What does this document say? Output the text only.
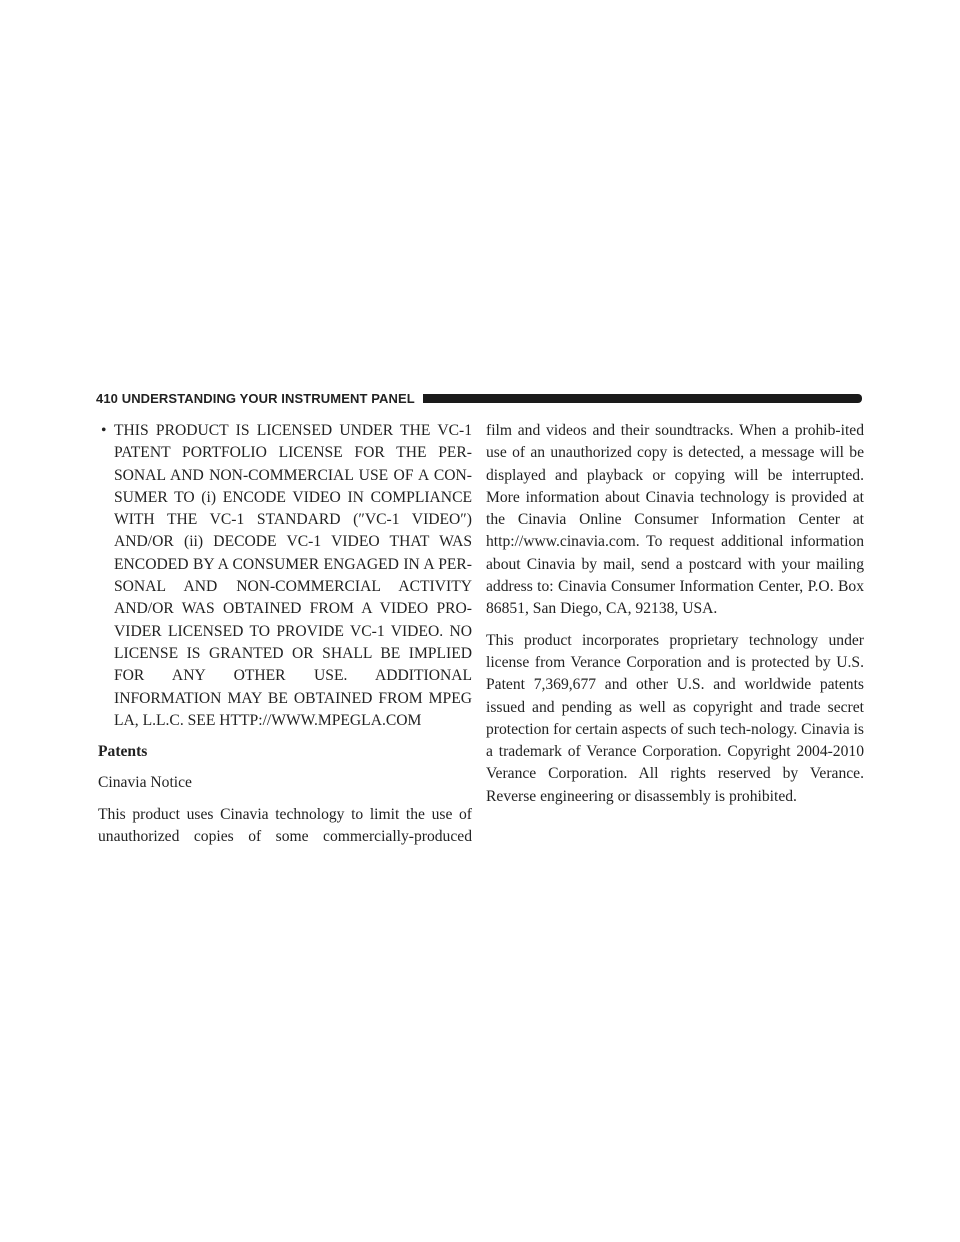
410 UNDERSTANDING YOUR INSTRUMENT PANEL
• THIS PRODUCT IS LICENSED UNDER THE VC-1 PATENT PORTFOLIO LICENSE FOR THE PER-SONAL AND NON-COMMERCIAL USE OF A CON-SUMER TO (i) ENCODE VIDEO IN COMPLIANCE WITH THE VC-1 STANDARD (″VC-1 VIDEO″) AND/OR (ii) DECODE VC-1 VIDEO THAT WAS ENCODED BY A CONSUMER ENGAGED IN A PER-SONAL AND NON-COMMERCIAL ACTIVITY AND/OR WAS OBTAINED FROM A VIDEO PRO-VIDER LICENSED TO PROVIDE VC-1 VIDEO. NO LICENSE IS GRANTED OR SHALL BE IMPLIED FOR ANY OTHER USE. ADDITIONAL INFORMATION MAY BE OBTAINED FROM MPEG LA, L.L.C. SEE HTTP://WWW.MPEGLA.COM

Patents

Cinavia Notice

This product uses Cinavia technology to limit the use of unauthorized copies of some commercially-produced

film and videos and their soundtracks. When a prohib-ited use of an unauthorized copy is detected, a message will be displayed and playback or copying will be interrupted. More information about Cinavia technology is provided at the Cinavia Online Consumer Information Center at http://www.cinavia.com. To request additional information about Cinavia by mail, send a postcard with your mailing address to: Cinavia Consumer Information Center, P.O. Box 86851, San Diego, CA, 92138, USA.

This product incorporates proprietary technology under license from Verance Corporation and is protected by U.S. Patent 7,369,677 and other U.S. and worldwide patents issued and pending as well as copyright and trade secret protection for certain aspects of such tech-nology. Cinavia is a trademark of Verance Corporation. Copyright 2004-2010 Verance Corporation. All rights reserved by Verance. Reverse engineering or disassembly is prohibited.
